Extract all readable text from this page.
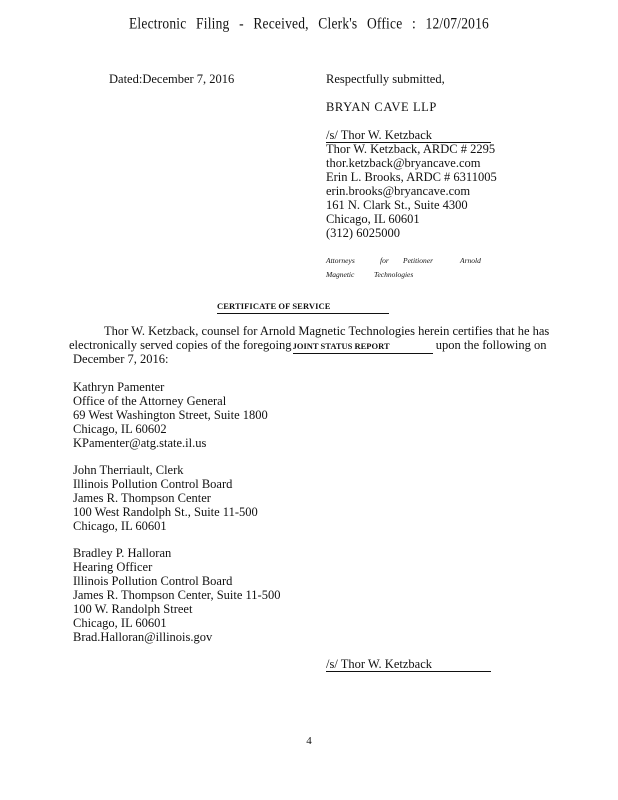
Electronic Filing - Received, Clerk's Office : 12/07/2016
Dated:December 7, 2016	Respectfully submitted,
BRYAN CAVE LLP
/s/ Thor W. Ketzback
Thor W. Ketzback, ARDC # 2295
thor.ketzback@bryancave.com
Erin L. Brooks, ARDC # 6311005
erin.brooks@bryancave.com
161 N. Clark St., Suite 4300
Chicago, IL 60601
(312) 6025000
Attorneys	for Petitioner	Arnold
Magnetic	Technologies
CERTIFICATE OF SERVICE
Thor W. Ketzback, counsel for Arnold Magnetic Technologies herein certifies that he has
electronically served copies of the foregoing JOINT STATUS REPORT	upon the following on
December 7, 2016:
Kathryn Pamenter
Office of the Attorney General
69 West Washington Street, Suite 1800
Chicago, IL 60602
KPamenter@atg.state.il.us
John Therriault, Clerk
Illinois Pollution Control Board
James R. Thompson Center
100 West Randolph St., Suite 11-500
Chicago, IL 60601
Bradley P. Halloran
Hearing Officer
Illinois Pollution Control Board
James R. Thompson Center, Suite 11-500
100 W. Randolph Street
Chicago, IL 60601
Brad.Halloran@illinois.gov
/s/ Thor W. Ketzback
4
